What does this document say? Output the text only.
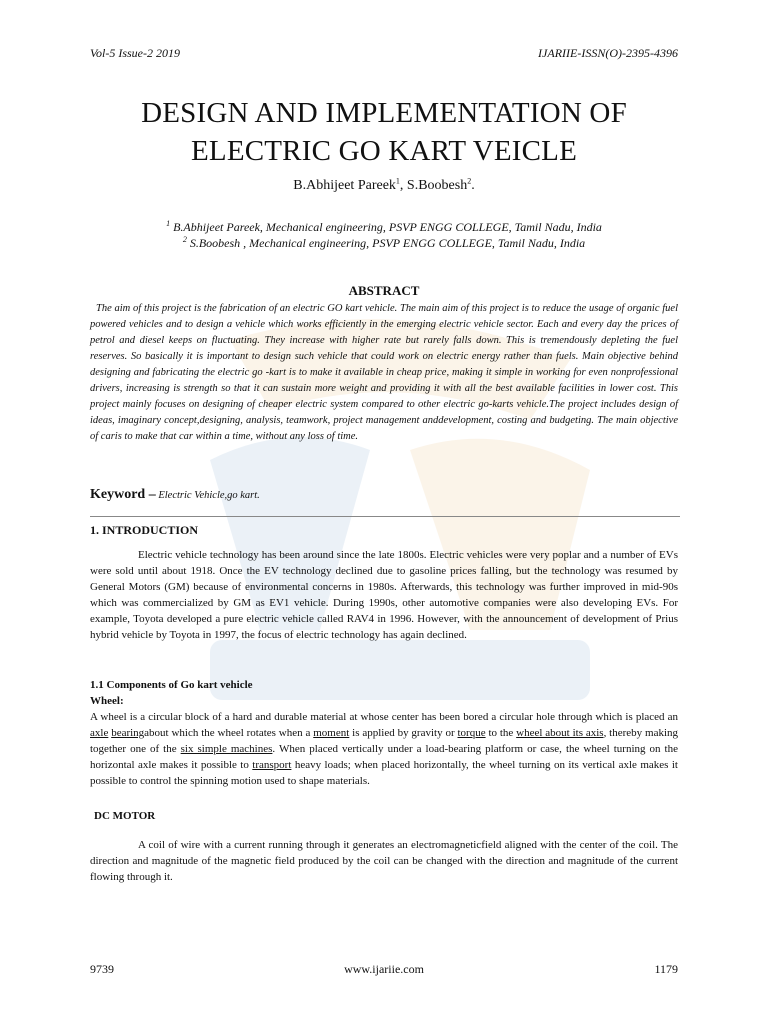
Vol-5 Issue-2 2019	IJARIIE-ISSN(O)-2395-4396
DESIGN AND IMPLEMENTATION OF
ELECTRIC GO KART VEICLE
B.Abhijeet Pareek$^1$, S.Boobesh$^2$.
$^1$ B.Abhijeet Pareek, Mechanical engineering, PSVP ENGG COLLEGE, Tamil Nadu, India
$^2$ S.Boobesh , Mechanical engineering, PSVP ENGG COLLEGE, Tamil Nadu, India
ABSTRACT
The aim of this project is the fabrication of an electric GO kart vehicle. The main aim of this project is to reduce the usage of organic fuel powered vehicles and to design a vehicle which works efficiently in the emerging electric vehicle sector. Each and every day the prices of petrol and diesel keeps on fluctuating. They increase with higher rate but rarely falls down. This is tremendously depleting the fuel reserves. So basically it is important to design such vehicle that could work on electric energy rather than fuels. Main objective behind designing and fabricating the electric go -kart is to make it available in cheap price, making it simple in working for even nonprofessional drivers, increasing is strength so that it can sustain more weight and providing it with all the best available facilities in lower cost. This project mainly focuses on designing of cheaper electric system compared to other electric go-karts vehicle.The project includes design of ideas, imaginary concept,designing, analysis, teamwork, project management anddevelopment, costing and budgeting. The main objective of caris to make that car within a time, without any loss of time.
Keyword – Electric Vehicle,go kart.
1. INTRODUCTION
Electric vehicle technology has been around since the late 1800s. Electric vehicles were very poplar and a number of EVs were sold until about 1918. Once the EV technology declined due to gasoline prices falling, but the technology was resumed by General Motors (GM) because of environmental concerns in 1980s. Afterwards, this technology was further improved in mid-90s which was commercialized by GM as EV1 vehicle. During 1990s, other automotive companies were also developing EVs. For example, Toyota developed a pure electric vehicle called RAV4 in 1996. However, with the announcement of development of Prius hybrid vehicle by Toyota in 1997, the focus of electric technology has again declined.
1.1 Components of Go kart vehicle
Wheel:
A wheel is a circular block of a hard and durable material at whose center has been bored a circular hole through which is placed an axle bearingabout which the wheel rotates when a moment is applied by gravity or torque to the wheel about its axis, thereby making together one of the six simple machines. When placed vertically under a load-bearing platform or case, the wheel turning on the horizontal axle makes it possible to transport heavy loads; when placed horizontally, the wheel turning on its vertical axle makes it possible to control the spinning motion used to shape materials.
DC MOTOR
A coil of wire with a current running through it generates an electromagneticfield aligned with the center of the coil. The direction and magnitude of the magnetic field produced by the coil can be changed with the direction and magnitude of the current flowing through it.
9739	www.ijariie.com	1179
